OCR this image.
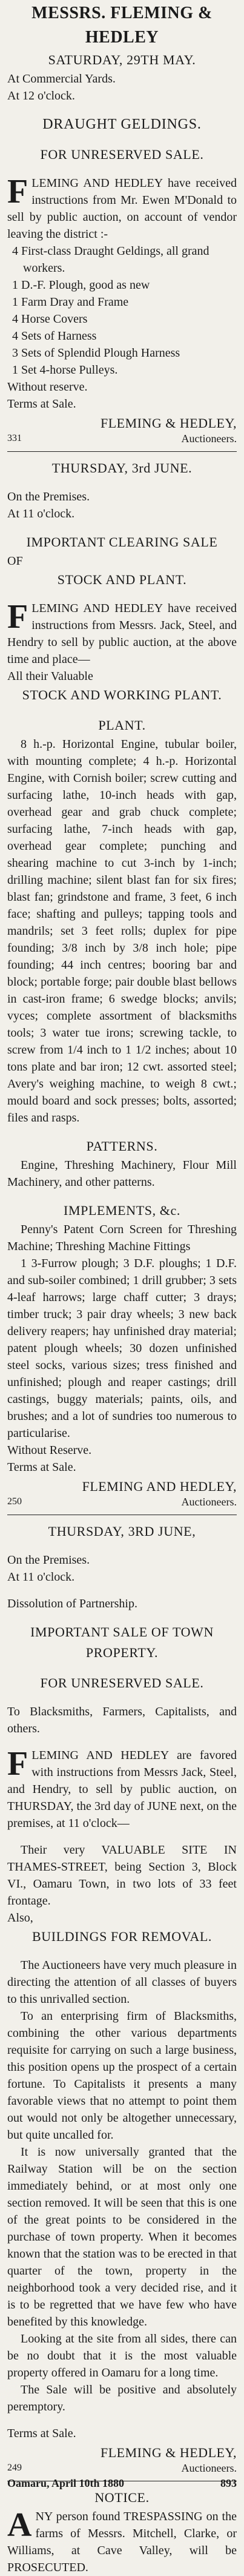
MESSRS. FLEMING & HEDLEY
SATURDAY, 29TH MAY.
At Commercial Yards.
At 12 o'clock.
DRAUGHT GELDINGS.
FOR UNRESERVED SALE.

FLEMING AND HEDLEY have received instructions from Mr. Ewen M'Donald to sell by public auction, on account of vendor leaving the district :-

4 First-class Draught Geldings, all grand workers.
1 D.-F. Plough, good as new
1 Farm Dray and Frame
4 Horse Covers
4 Sets of Harness
3 Sets of Splendid Plough Harness
1 Set 4-horse Pulleys.
Without reserve.
Terms at Sale.
331
FLEMING & HEDLEY,
Auctioneers.
THURSDAY, 3rd JUNE.
On the Premises.
At 11 o'clock.
IMPORTANT CLEARING SALE
OF
STOCK AND PLANT.

FLEMING AND HEDLEY have received instructions from Messrs. Jack, Steel, and Hendry to sell by public auction, at the above time and place—

All their Valuable
STOCK AND WORKING PLANT.
PLANT.

8 h.-p. Horizontal Engine, tubular boiler, with mounting complete; 4 h.-p. Horizontal Engine, with Cornish boiler; screw cutting and surfacing lathe, 10-inch heads with gap, overhead gear and grab chuck complete; surfacing lathe, 7-inch heads with gap, overhead gear complete; punching and shearing machine to cut 3-inch by 1-inch; drilling machine; silent blast fan for six fires; blast fan; grindstone and frame, 3 feet, 6 inch face; shafting and pulleys; tapping tools and mandrils; set 3 feet rolls; duplex for pipe founding; 3/8 inch by 3/8 inch hole; pipe founding; 44 inch centres; booring bar and block; portable forge; pair double blast bellows in cast-iron frame; 6 swedge blocks; anvils; vyces; complete assortment of blacksmiths tools; 3 water tue irons; screwing tackle, to screw from 1/4 inch to 1 1/2 inches; about 10 tons plate and bar iron; 12 cwt. assorted steel; Avery's weighing machine, to weigh 8 cwt.; mould board and sock presses; bolts, assorted; files and rasps.

PATTERNS.

Engine, Threshing Machinery, Flour Mill Machinery, and other patterns.

IMPLEMENTS, &c.

Penny's Patent Corn Screen for Threshing Machine; Threshing Machine Fittings

1 3-Furrow plough; 3 D.F. ploughs; 1 D.F. and sub-soiler combined; 1 drill grubber; 3 sets 4-leaf harrows; large chaff cutter; 3 drays; timber truck; 3 pair dray wheels; 3 new back delivery reapers; hay unfinished dray material; patent plough wheels; 30 dozen unfinished steel socks, various sizes; tress finished and unfinished; plough and reaper castings; drill castings, buggy materials; paints, oils, and brushes; and a lot of sundries too numerous to particularise.

Without Reserve.
Terms at Sale.
250
FLEMING AND HEDLEY,
Auctioneers.
THURSDAY, 3RD JUNE,
On the Premises.
At 11 o'clock.
Dissolution of Partnership.
IMPORTANT SALE OF TOWN
PROPERTY.
FOR UNRESERVED SALE.
To Blacksmiths, Farmers, Capitalists, and others.

FLEMING AND HEDLEY are favored with instructions from Messrs Jack, Steel, and Hendry, to sell by public auction, on THURSDAY, the 3rd day of JUNE next, on the premises, at 11 o'clock—

Their very VALUABLE SITE IN THAMES-STREET, being Section 3, Block VI., Oamaru Town, in two lots of 33 feet frontage.

Also,
BUILDINGS FOR REMOVAL.

The Auctioneers have very much pleasure in directing the attention of all classes of buyers to this unrivalled section.

To an enterprising firm of Blacksmiths, combining the other various departments requisite for carrying on such a large business, this position opens up the prospect of a certain fortune. To Capitalists it presents a many favorable views that no attempt to point them out would not only be altogether unnecessary, but quite uncalled for.

It is now universally granted that the Railway Station will be on the section immediately behind, or at most only one section removed. It will be seen that this is one of the great points to be considered in the purchase of town property. When it becomes known that the station was to be erected in that quarter of the town, property in the neighborhood took a very decided rise, and it is to be regretted that we have few who have benefited by this knowledge.

Looking at the site from all sides, there can be no doubt that it is the most valuable property offered in Oamaru for a long time.

The Sale will be positive and absolutely peremptory.

Terms at Sale.
249
FLEMING & HEDLEY,
Auctioneers.
NOTICE.

ANY person found TRESPASSING on the farms of Messrs. Mitchell, Clarke, or Williams, at Cave Valley, will be PROSECUTED.

Oamaru, April 10th 1880	893
